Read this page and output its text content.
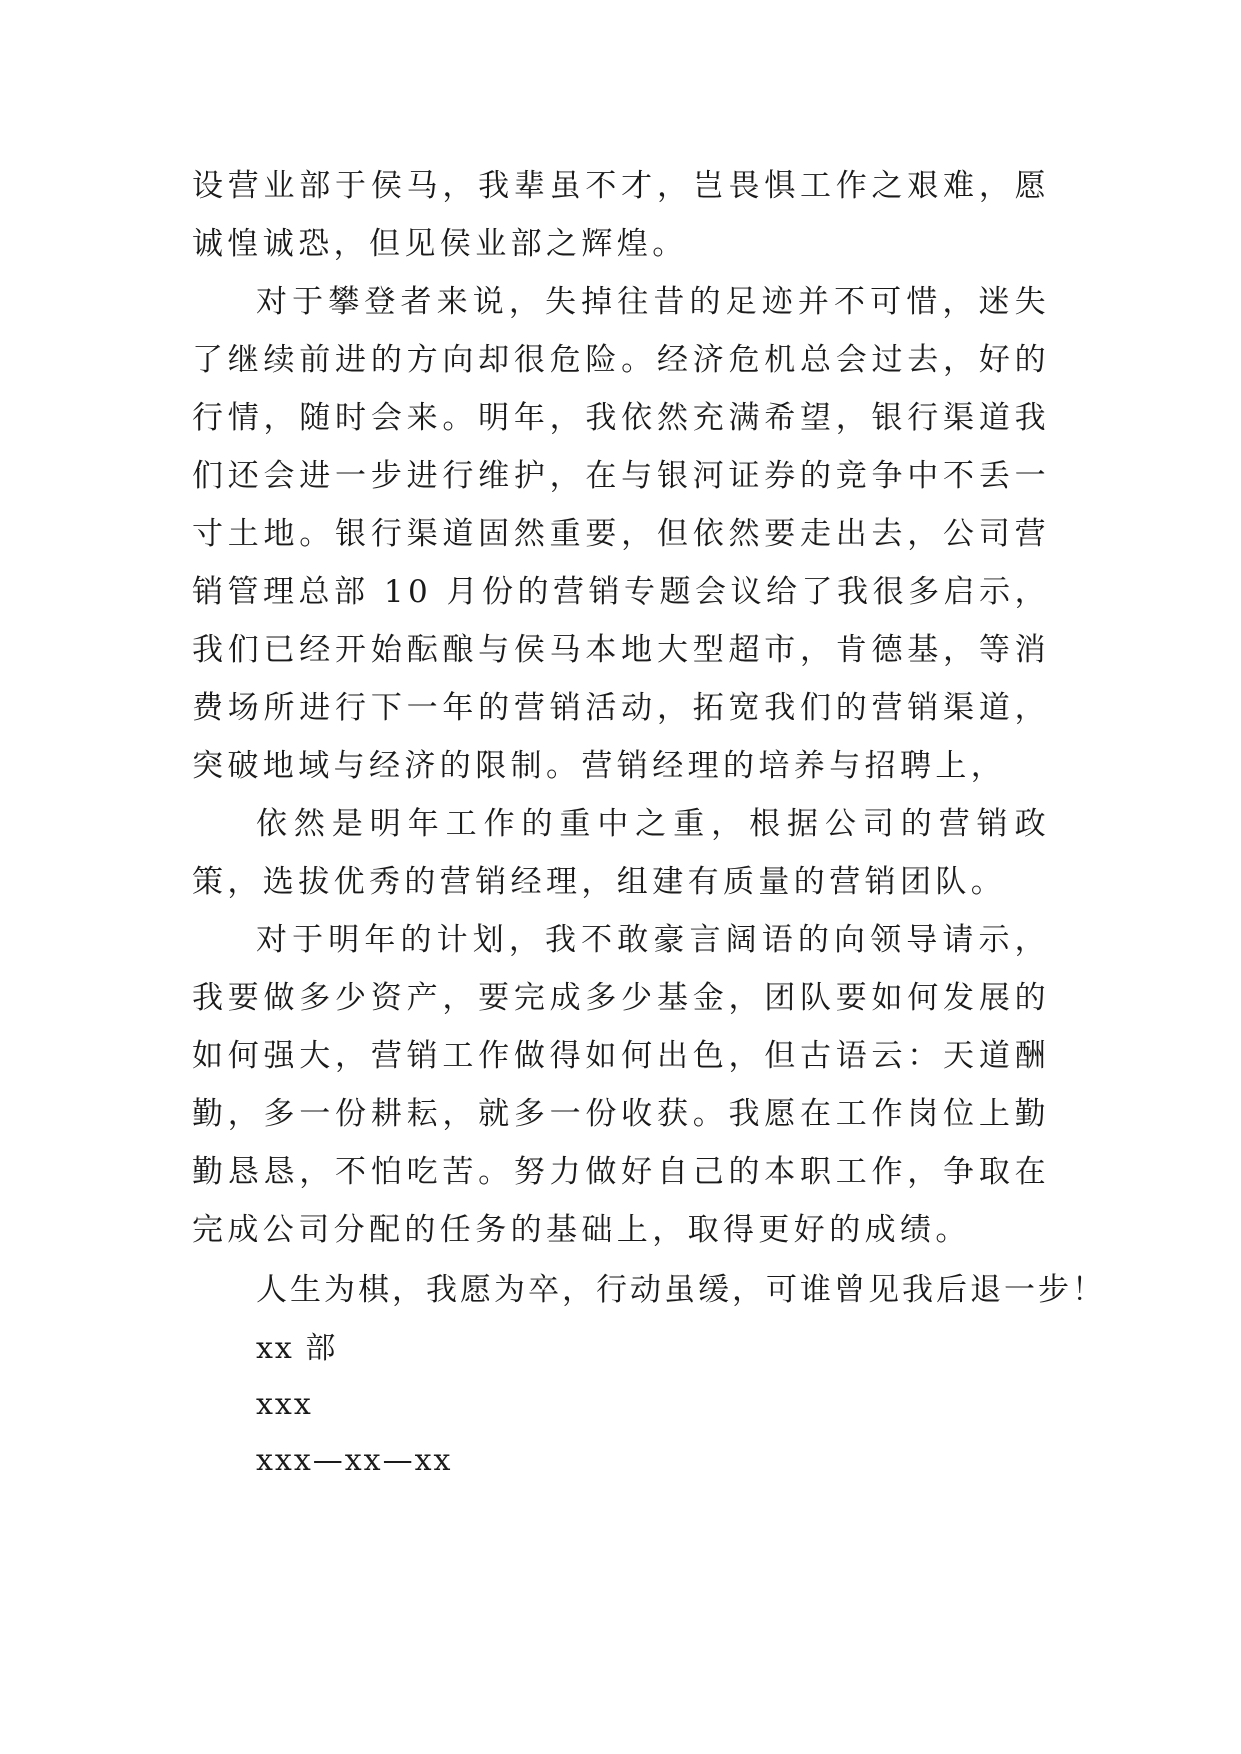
设营业部于侯马，我辈虽不才，岂畏惧工作之艰难，愿诚惶诚恐，但见侯业部之辉煌。

对于攀登者来说，失掉往昔的足迹并不可惜，迷失了继续前进的方向却很危险。经济危机总会过去，好的行情，随时会来。明年，我依然充满希望，银行渠道我们还会进一步进行维护，在与银河证券的竞争中不丢一寸土地。银行渠道固然重要，但依然要走出去，公司营销管理总部 10 月份的营销专题会议给了我很多启示，我们已经开始酝酿与侯马本地大型超市，肯德基，等消费场所进行下一年的营销活动，拓宽我们的营销渠道，突破地域与经济的限制。营销经理的培养与招聘上，

依然是明年工作的重中之重，根据公司的营销政策，选拔优秀的营销经理，组建有质量的营销团队。

对于明年的计划，我不敢豪言阔语的向领导请示，我要做多少资产，要完成多少基金，团队要如何发展的如何强大，营销工作做得如何出色，但古语云：天道酬勤，多一份耕耘，就多一份收获。我愿在工作岗位上勤勤恳恳，不怕吃苦。努力做好自己的本职工作，争取在完成公司分配的任务的基础上，取得更好的成绩。

人生为棋，我愿为卒，行动虽缓，可谁曾见我后退一步！
xx 部
xxx
xxx—xx—xx
